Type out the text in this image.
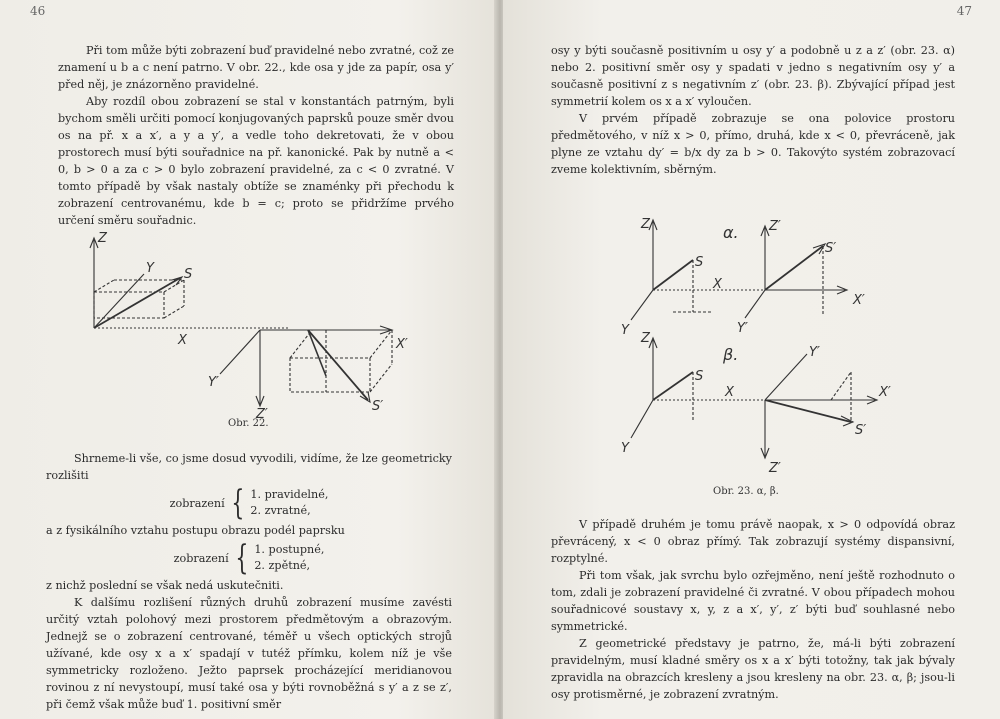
46

Při tom může býti zobrazení buď pravidelné nebo zvratné, což ze znamení u b a c není patrno. V obr. 22., kde osa y jde za papír, osa y′ před něj, je znázorněno pravidelné.

Aby rozdíl obou zobrazení se stal v konstantách patrným, byli bychom směli určiti pomocí konjugovaných paprsků pouze směr dvou os na př. x a x′, a y a y′, a vedle toho dekretovati, že v obou prostorech musí býti souřadnice na př. kanonické. Pak by nutně a < 0, b > 0 a za c > 0 bylo zobrazení pravidelné, za c < 0 zvratné. V tomto případě by však nastaly obtíže se znaménky při přechodu k zobrazení centrovanému, kde b = c; proto se přidržíme prvého určení směru souřadnic.

Z
Y S
X	X′
Y′
Z′
S′
Obr. 22.

Shrneme-li vše, co jsme dosud vyvodili, vidíme, že lze geometricky rozlišiti

zobrazení { 1. pravidelné,
2. zvratné,

a z fysikálního vztahu postupu obrazu podél paprsku

zobrazení { 1. postupné,
2. zpětné,

z nichž poslední se však nedá uskutečniti.

K dalšímu rozlišení různých druhů zobrazení musíme zavésti určitý vztah polohový mezi prostorem předmětovým a obrazovým. Jednejž se o zobrazení centrované, téměř u všech optických strojů užívané, kde osy x a x′ spadají v tutéž přímku, kolem níž je vše symmetricky rozloženo. Ježto paprsek procházející meridianovou rovinou z ní nevystoupí, musí také osa y býti rovnoběžná s y′ a z se z′, při čemž však může buď 1. positivní směr

47

osy y býti současně positivním u osy y′ a podobně u z a z′ (obr. 23. α) nebo 2. positivní směr osy y spadati v jedno s negativním osy y′ a současně positivní z s negativním z′ (obr. 23. β). Zbývající případ jest symmetrií kolem os x a x′ vyloučen.

V prvém případě zobrazuje se ona polovice prostoru předmětového, v níž x > 0, přímo, druhá, kde x < 0, převráceně, jak plyne ze vztahu dy′ = b/x dy za b > 0. Takovýto systém zobrazovací zveme kolektivním, sběrným.

α.
β.
Z	Z′
S
S′
X
X′
Y	Y′
Z
S
X	X′
Y
Y′
Z′
S′
Obr. 23. α, β.

V případě druhém je tomu právě naopak, x > 0 odpovídá obraz převrácený, x < 0 obraz přímý. Tak zobrazují systémy dispansivní, rozptylné.

Při tom však, jak svrchu bylo ozřejměno, není ještě rozhodnuto o tom, zdali je zobrazení pravidelné či zvratné. V obou případech mohou souřadnicové soustavy x, y, z a x′, y′, z′ býti buď souhlasné nebo symmetrické.

Z geometrické představy je patrno, že, má-li býti zobrazení pravidelným, musí kladné směry os x a x′ býti totožny, tak jak bývaly zpravidla na obrazcích kresleny a jsou kresleny na obr. 23. α, β; jsou-li osy protisměrné, je zobrazení zvratným.
